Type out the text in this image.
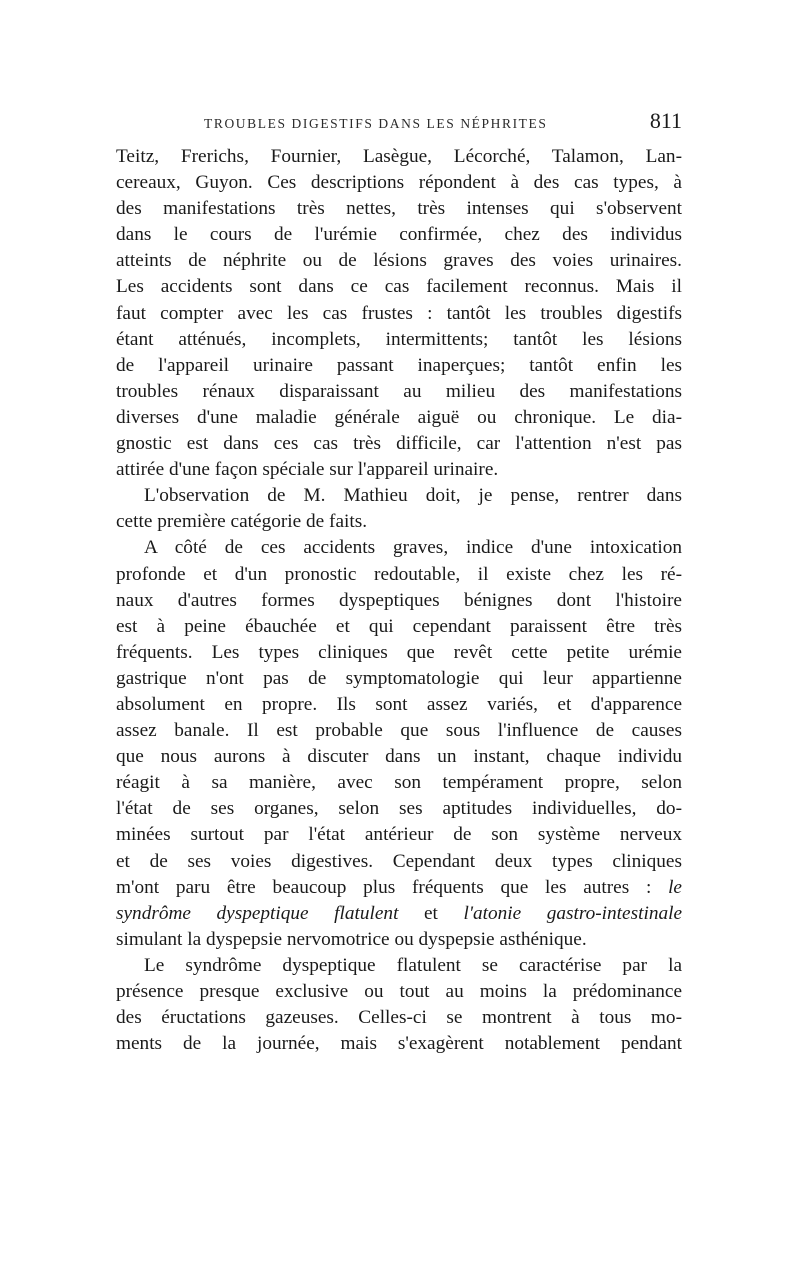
TROUBLES DIGESTIFS DANS LES NÉPHRITES	811

Teitz, Frerichs, Fournier, Lasègue, Lécorché, Talamon, Lan-
cereaux, Guyon. Ces descriptions répondent à des cas types, à
des manifestations très nettes, très intenses qui s'observent
dans le cours de l'urémie confirmée, chez des individus
atteints de néphrite ou de lésions graves des voies urinaires.
Les accidents sont dans ce cas facilement reconnus. Mais il
faut compter avec les cas frustes : tantôt les troubles digestifs
étant atténués, incomplets, intermittents; tantôt les lésions
de l'appareil urinaire passant inaperçues; tantôt enfin les
troubles rénaux disparaissant au milieu des manifestations
diverses d'une maladie générale aiguë ou chronique. Le dia-
gnostic est dans ces cas très difficile, car l'attention n'est pas
attirée d'une façon spéciale sur l'appareil urinaire.

L'observation de M. Mathieu doit, je pense, rentrer dans
cette première catégorie de faits.

A côté de ces accidents graves, indice d'une intoxication
profonde et d'un pronostic redoutable, il existe chez les ré-
naux d'autres formes dyspeptiques bénignes dont l'histoire
est à peine ébauchée et qui cependant paraissent être très
fréquents. Les types cliniques que revêt cette petite urémie
gastrique n'ont pas de symptomatologie qui leur appartienne
absolument en propre. Ils sont assez variés, et d'apparence
assez banale. Il est probable que sous l'influence de causes
que nous aurons à discuter dans un instant, chaque individu
réagit à sa manière, avec son tempérament propre, selon
l'état de ses organes, selon ses aptitudes individuelles, do-
minées surtout par l'état antérieur de son système nerveux
et de ses voies digestives. Cependant deux types cliniques
m'ont paru être beaucoup plus fréquents que les autres : le
syndrôme dyspeptique flatulent et l'atonie gastro-intestinale
simulant la dyspepsie nervomotrice ou dyspepsie asthénique.

Le syndrôme dyspeptique flatulent se caractérise par la
présence presque exclusive ou tout au moins la prédominance
des éructations gazeuses. Celles-ci se montrent à tous mo-
ments de la journée, mais s'exagèrent notablement pendant
